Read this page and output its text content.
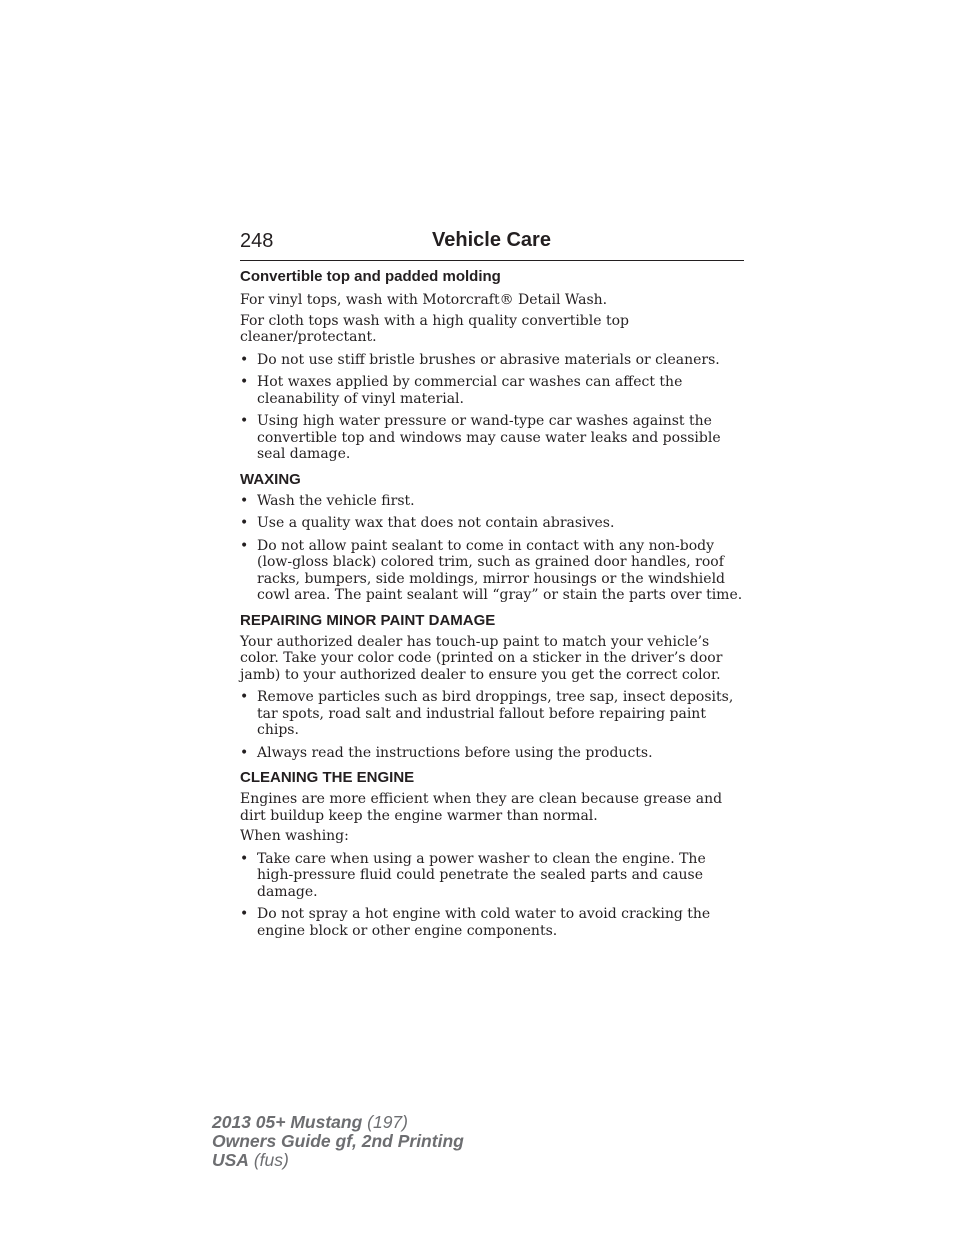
248	Vehicle Care
Convertible top and padded molding

For vinyl tops, wash with Motorcraft® Detail Wash.

For cloth tops wash with a high quality convertible top cleaner/protectant.

• Do not use stiff bristle brushes or abrasive materials or cleaners.
• Hot waxes applied by commercial car washes can affect the cleanability of vinyl material.
• Using high water pressure or wand-type car washes against the convertible top and windows may cause water leaks and possible seal damage.
WAXING
• Wash the vehicle first.
• Use a quality wax that does not contain abrasives.
• Do not allow paint sealant to come in contact with any non-body (low-gloss black) colored trim, such as grained door handles, roof racks, bumpers, side moldings, mirror housings or the windshield cowl area. The paint sealant will “gray” or stain the parts over time.
REPAIRING MINOR PAINT DAMAGE

Your authorized dealer has touch-up paint to match your vehicle’s color. Take your color code (printed on a sticker in the driver’s door jamb) to your authorized dealer to ensure you get the correct color.

• Remove particles such as bird droppings, tree sap, insect deposits, tar spots, road salt and industrial fallout before repairing paint chips.
• Always read the instructions before using the products.
CLEANING THE ENGINE

Engines are more efficient when they are clean because grease and dirt buildup keep the engine warmer than normal.

When washing:

• Take care when using a power washer to clean the engine. The high-pressure fluid could penetrate the sealed parts and cause damage.
• Do not spray a hot engine with cold water to avoid cracking the engine block or other engine components.
2013 05+ Mustang (197)
Owners Guide gf, 2nd Printing
USA (fus)
